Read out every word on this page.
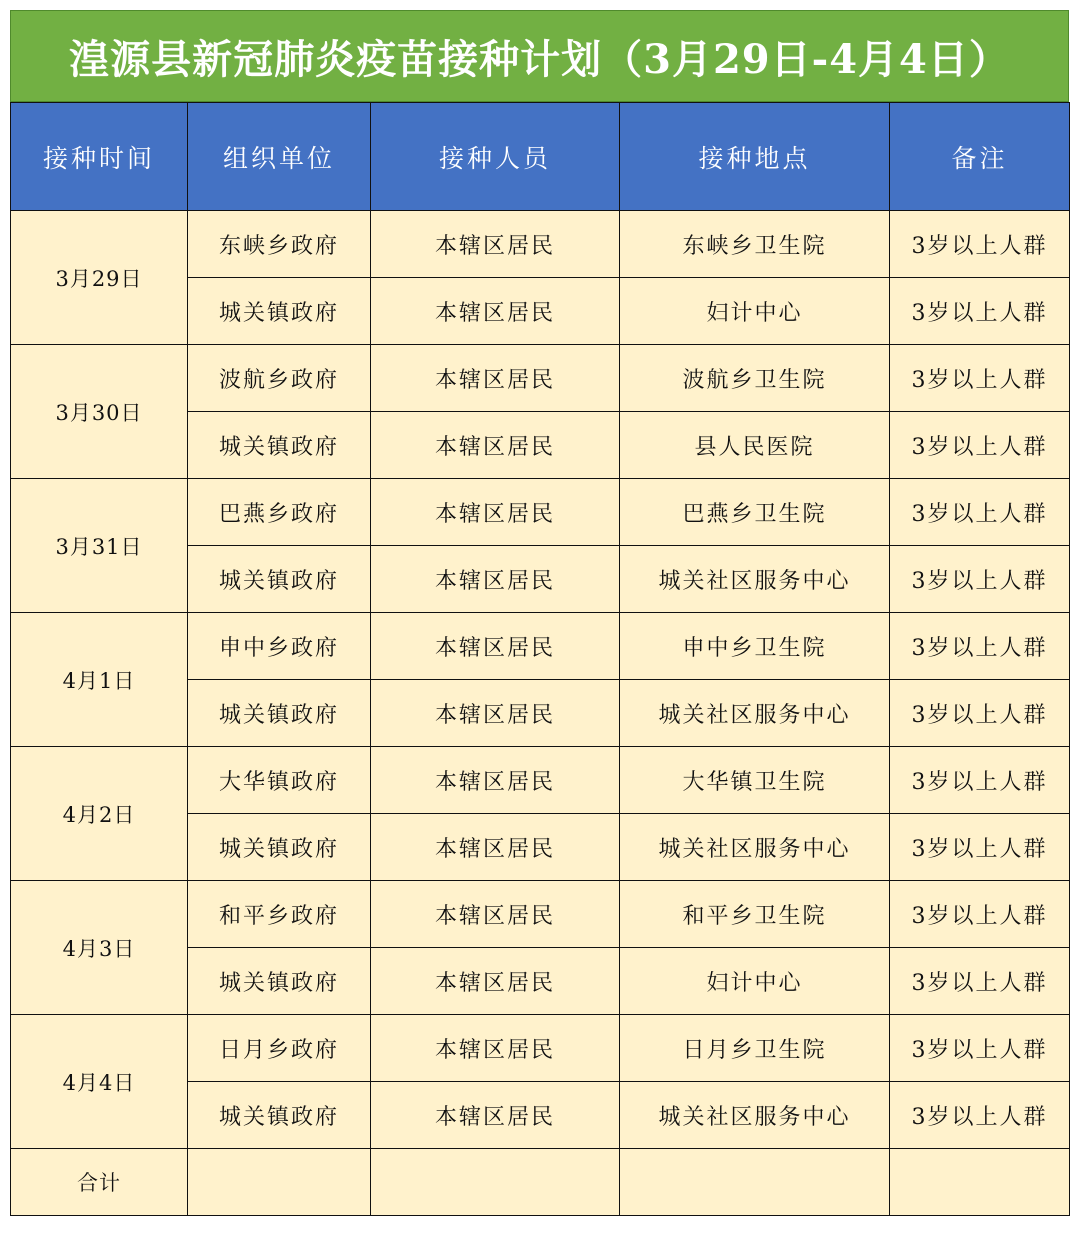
湟源县新冠肺炎疫苗接种计划（3月29日-4月4日）
接种时间	组织单位	接种人员	接种地点	备注
3月29日	东峡乡政府	本辖区居民	东峡乡卫生院	3岁以上人群
	城关镇政府	本辖区居民	妇计中心	3岁以上人群
3月30日	波航乡政府	本辖区居民	波航乡卫生院	3岁以上人群
	城关镇政府	本辖区居民	县人民医院	3岁以上人群
3月31日	巴燕乡政府	本辖区居民	巴燕乡卫生院	3岁以上人群
	城关镇政府	本辖区居民	城关社区服务中心	3岁以上人群
4月1日	申中乡政府	本辖区居民	申中乡卫生院	3岁以上人群
	城关镇政府	本辖区居民	城关社区服务中心	3岁以上人群
4月2日	大华镇政府	本辖区居民	大华镇卫生院	3岁以上人群
	城关镇政府	本辖区居民	城关社区服务中心	3岁以上人群
4月3日	和平乡政府	本辖区居民	和平乡卫生院	3岁以上人群
	城关镇政府	本辖区居民	妇计中心	3岁以上人群
4月4日	日月乡政府	本辖区居民	日月乡卫生院	3岁以上人群
	城关镇政府	本辖区居民	城关社区服务中心	3岁以上人群
合计				
